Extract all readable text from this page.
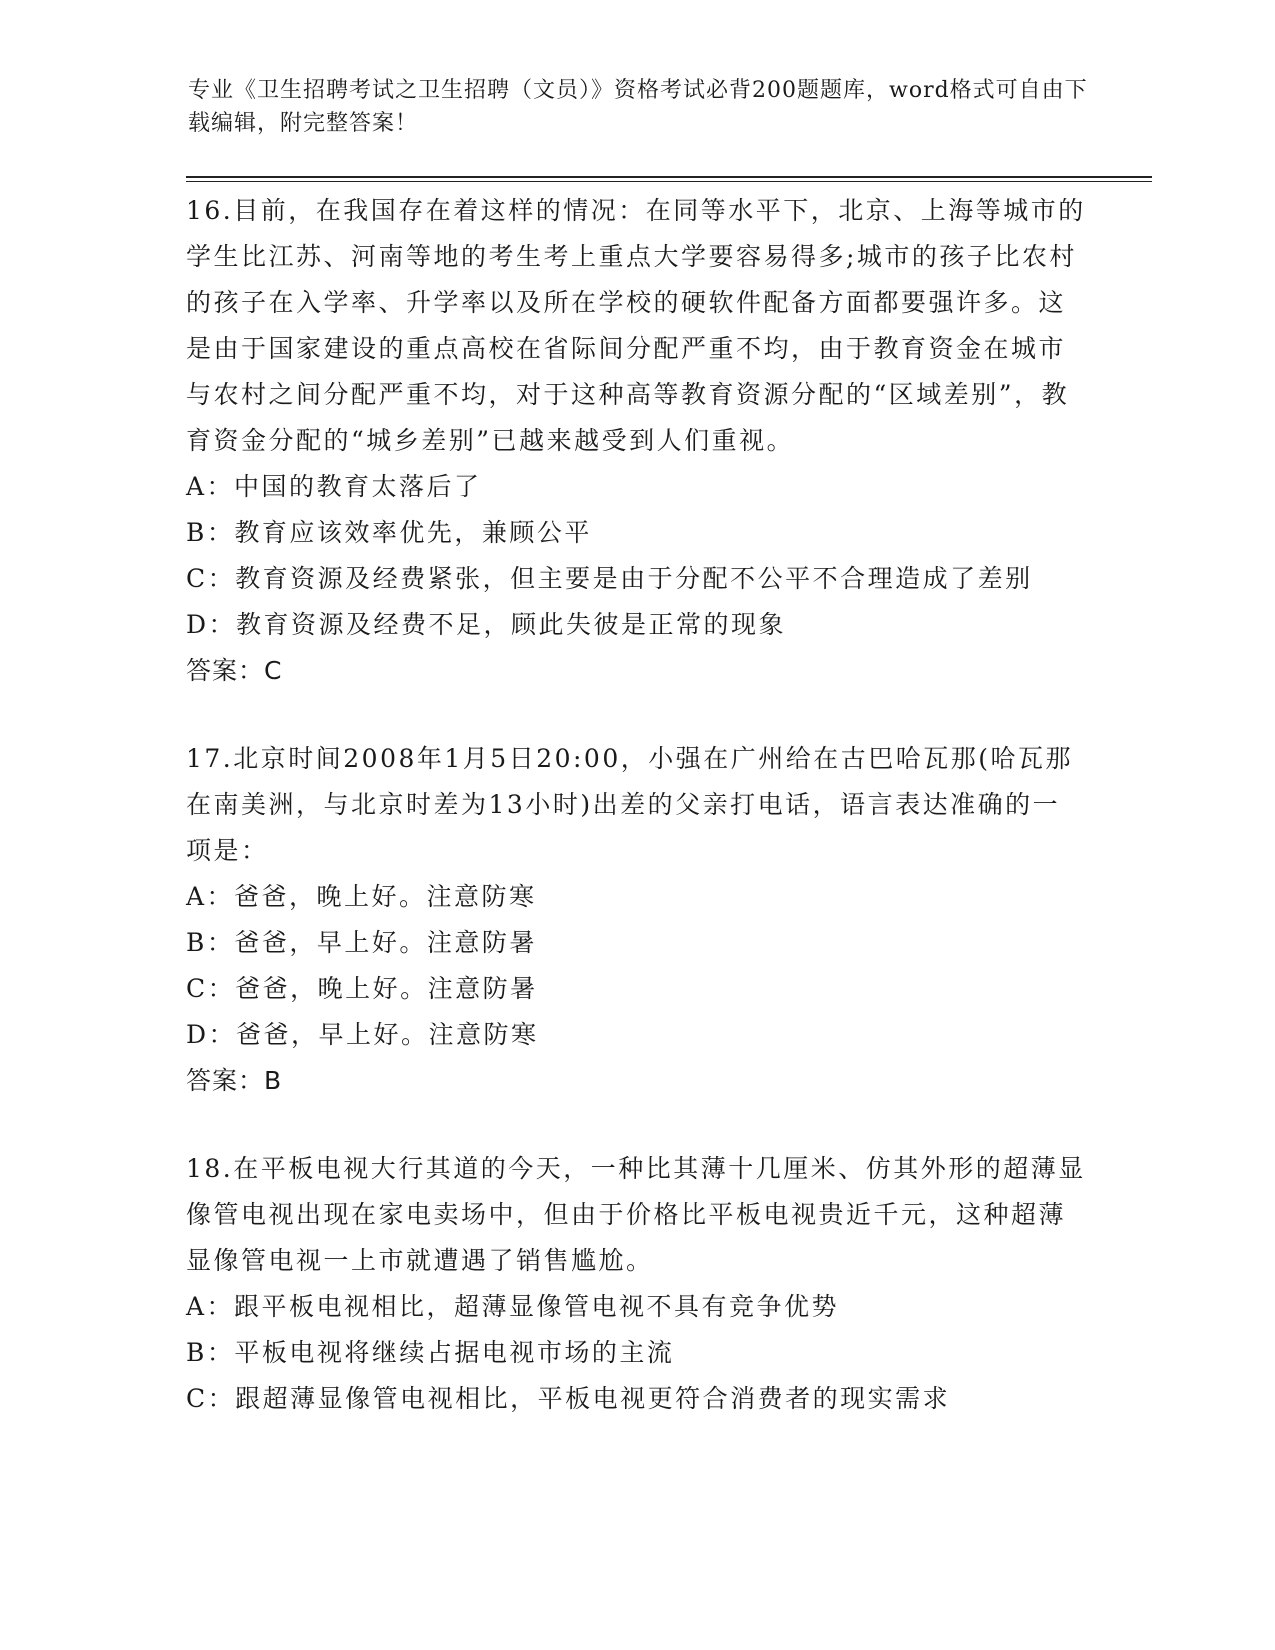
专业《卫生招聘考试之卫生招聘（文员）》资格考试必背200题题库，word格式可自由下载编辑，附完整答案！

16.目前，在我国存在着这样的情况：在同等水平下，北京、上海等城市的学生比江苏、河南等地的考生考上重点大学要容易得多;城市的孩子比农村的孩子在入学率、升学率以及所在学校的硬软件配备方面都要强许多。这是由于国家建设的重点高校在省际间分配严重不均，由于教育资金在城市与农村之间分配严重不均，对于这种高等教育资源分配的“区域差别”，教育资金分配的“城乡差别”已越来越受到人们重视。

A：中国的教育太落后了

B：教育应该效率优先，兼顾公平

C：教育资源及经费紧张，但主要是由于分配不公平不合理造成了差别

D：教育资源及经费不足，顾此失彼是正常的现象

答案：C

17.北京时间2008年1月5日20:00，小强在广州给在古巴哈瓦那(哈瓦那在南美洲，与北京时差为13小时)出差的父亲打电话，语言表达准确的一项是：

A：爸爸，晚上好。注意防寒

B：爸爸，早上好。注意防暑

C：爸爸，晚上好。注意防暑

D：爸爸，早上好。注意防寒

答案：B

18.在平板电视大行其道的今天，一种比其薄十几厘米、仿其外形的超薄显像管电视出现在家电卖场中，但由于价格比平板电视贵近千元，这种超薄显像管电视一上市就遭遇了销售尴尬。

A：跟平板电视相比，超薄显像管电视不具有竞争优势

B：平板电视将继续占据电视市场的主流

C：跟超薄显像管电视相比，平板电视更符合消费者的现实需求
